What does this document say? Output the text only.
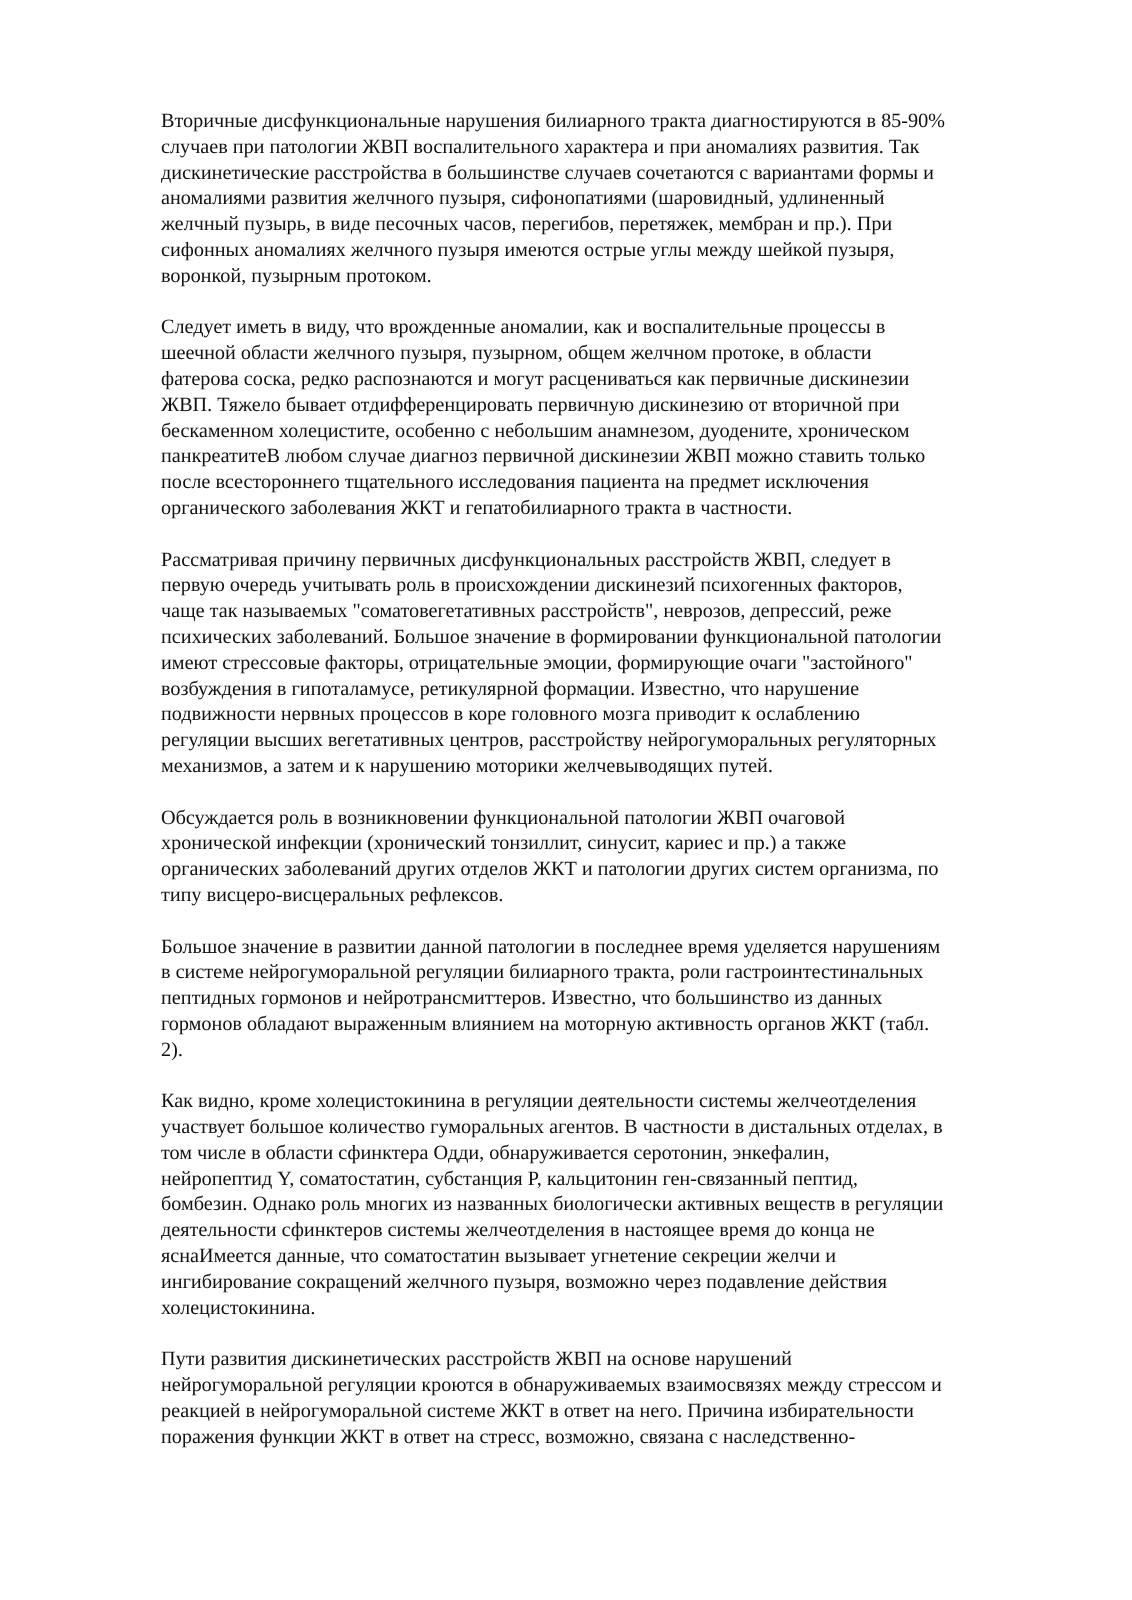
Вторичные дисфункциональные нарушения билиарного тракта диагностируются в 85-90%
случаев при патологии ЖВП воспалительного характера и при аномалиях развития. Так
дискинетические расстройства в большинстве случаев сочетаются с вариантами формы и
аномалиями развития желчного пузыря, сифонопатиями (шаровидный, удлиненный
желчный пузырь, в виде песочных часов, перегибов, перетяжек, мембран и пр.). При
сифонных аномалиях желчного пузыря имеются острые углы между шейкой пузыря,
воронкой, пузырным протоком.

Следует иметь в виду, что врожденные аномалии, как и воспалительные процессы в
шеечной области желчного пузыря, пузырном, общем желчном протоке, в области
фатерова соска, редко распознаются и могут расцениваться как первичные дискинезии
ЖВП. Тяжело бывает отдифференцировать первичную дискинезию от вторичной при
бескаменном холецистите, особенно с небольшим анамнезом, дуодените, хроническом
панкреатитеВ любом случае диагноз первичной дискинезии ЖВП можно ставить только
после всестороннего тщательного исследования пациента на предмет исключения
органического заболевания ЖКТ и гепатобилиарного тракта в частности.

Рассматривая причину первичных дисфункциональных расстройств ЖВП, следует в
первую очередь учитывать роль в происхождении дискинезий психогенных факторов,
чаще так называемых "соматовегетативных расстройств", неврозов, депрессий, реже
психических заболеваний. Большое значение в формировании функциональной патологии
имеют стрессовые факторы, отрицательные эмоции, формирующие очаги "застойного"
возбуждения в гипоталамусе, ретикулярной формации. Известно, что нарушение
подвижности нервных процессов в коре головного мозга приводит к ослаблению
регуляции высших вегетативных центров, расстройству нейрогуморальных регуляторных
механизмов, а затем и к нарушению моторики желчевыводящих путей.

Обсуждается роль в возникновении функциональной патологии ЖВП очаговой
хронической инфекции (хронический тонзиллит, синусит, кариес и пр.) а также
органических заболеваний других отделов ЖКТ и патологии других систем организма, по
типу висцеро-висцеральных рефлексов.

Большое значение в развитии данной патологии в последнее время уделяется нарушениям
в системе нейрогуморальной регуляции билиарного тракта, роли гастроинтестинальных
пептидных гормонов и нейротрансмиттеров. Известно, что большинство из данных
гормонов обладают выраженным влиянием на моторную активность органов ЖКТ (табл.
2).

Как видно, кроме холецистокинина в регуляции деятельности системы желчеотделения
участвует большое количество гуморальных агентов. В частности в дистальных отделах, в
том числе в области сфинктера Одди, обнаруживается серотонин, энкефалин,
нейропептид Y, соматостатин, субстанция P, кальцитонин ген-связанный пептид,
бомбезин. Однако роль многих из названных биологически активных веществ в регуляции
деятельности сфинктеров системы желчеотделения в настоящее время до конца не
яснаИмеется данные, что соматостатин вызывает угнетение секреции желчи и
ингибирование сокращений желчного пузыря, возможно через подавление действия
холецистокинина.

Пути развития дискинетических расстройств ЖВП на основе нарушений
нейрогуморальной регуляции кроются в обнаруживаемых взаимосвязях между стрессом и
реакцией в нейрогуморальной системе ЖКТ в ответ на него. Причина избирательности
поражения функции ЖКТ в ответ на стресс, возможно, связана с наследственно-
